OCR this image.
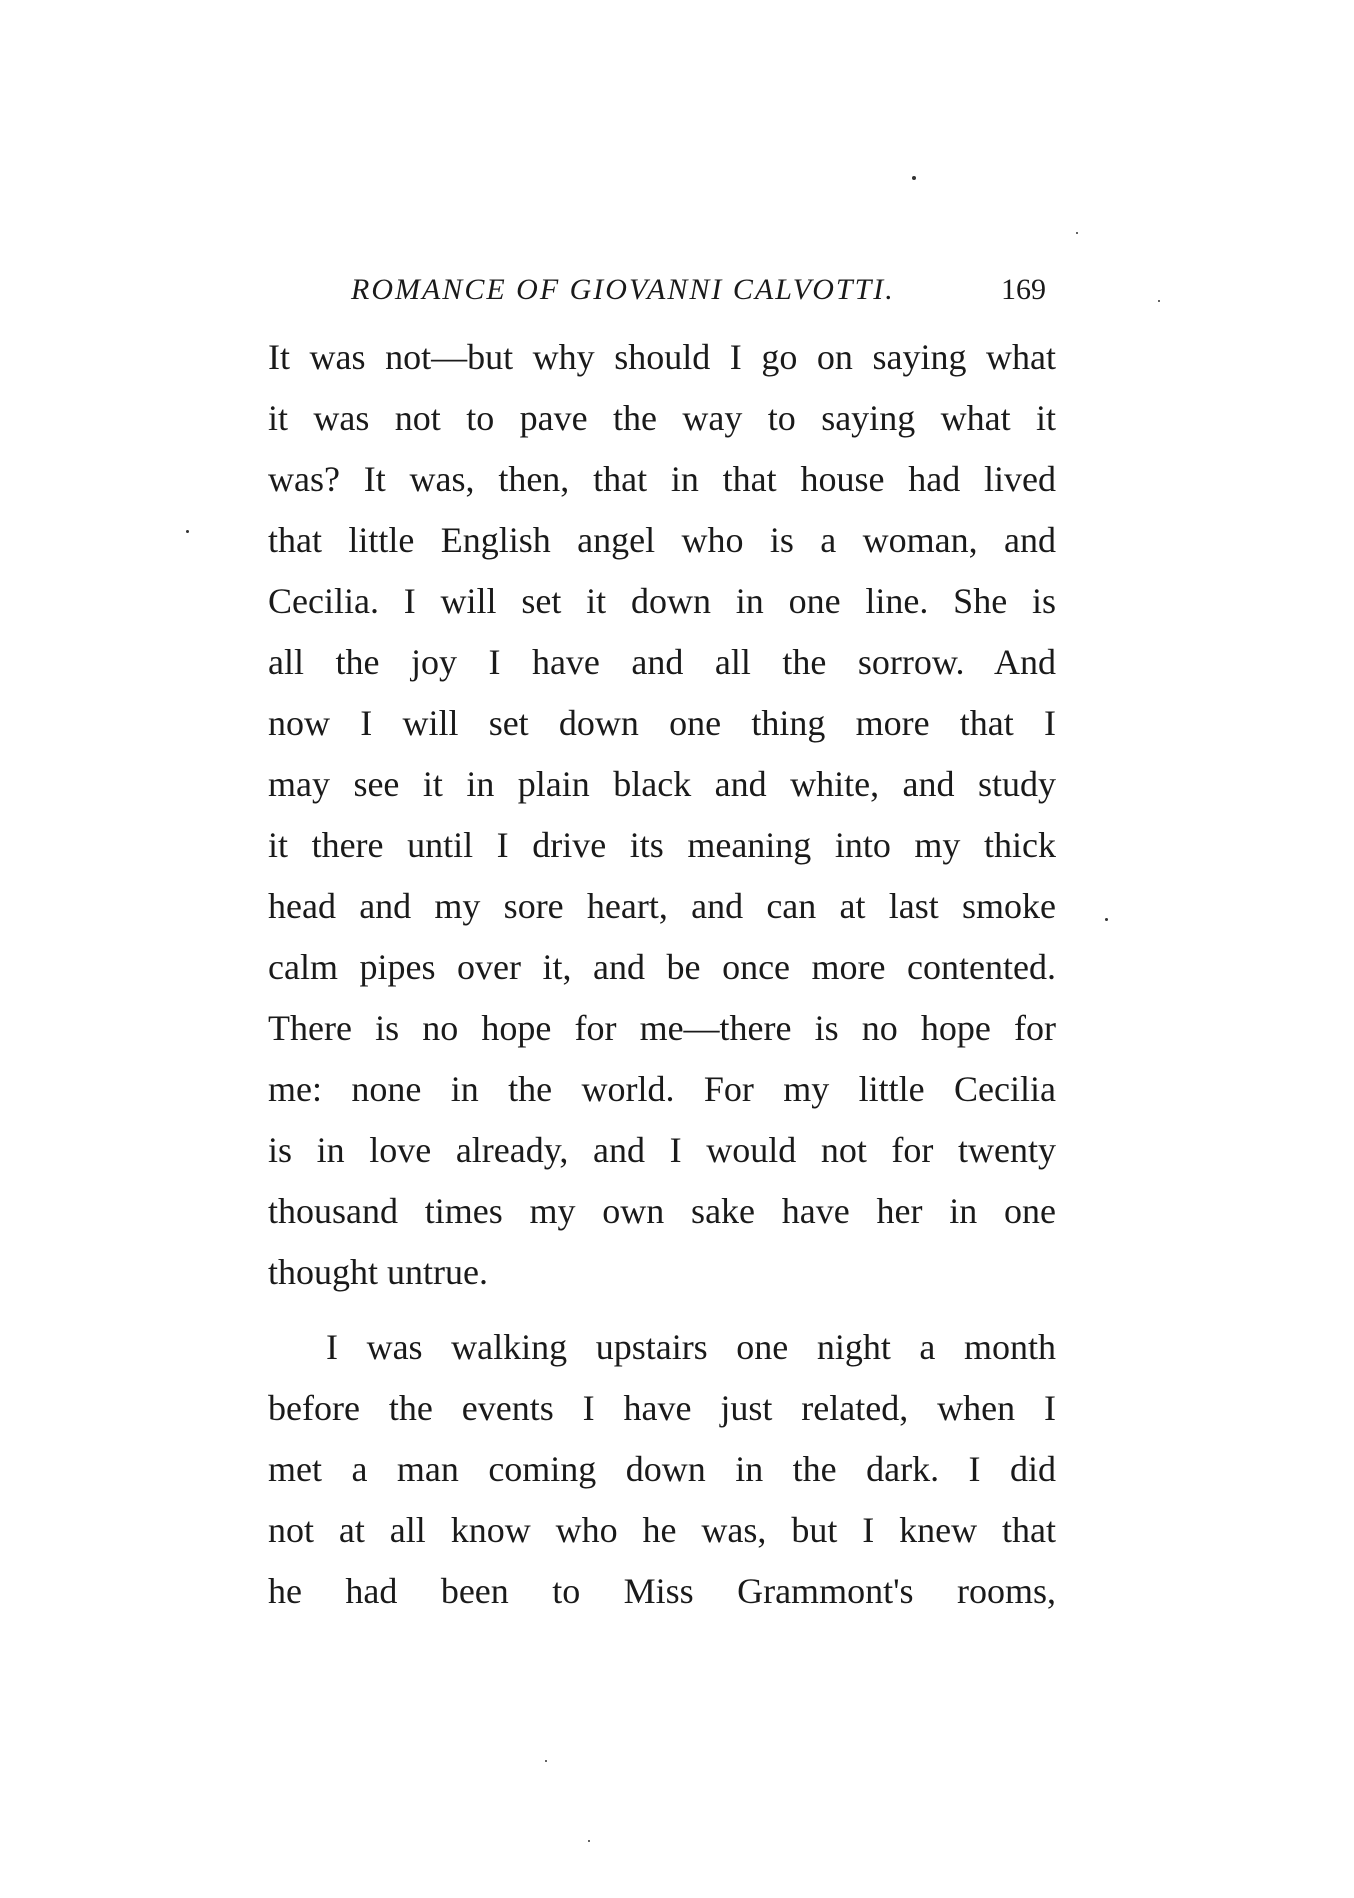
ROMANCE OF GIOVANNI CALVOTTI.	169
It was not—but why should I go on saying what
it was not to pave the way to saying what it
was? It was, then, that in that house had lived
that little English angel who is a woman, and
Cecilia. I will set it down in one line. She is
all the joy I have and all the sorrow. And
now I will set down one thing more that I
may see it in plain black and white, and study
it there until I drive its meaning into my thick
head and my sore heart, and can at last smoke
calm pipes over it, and be once more contented.
There is no hope for me—there is no hope for
me: none in the world. For my little Cecilia
is in love already, and I would not for twenty
thousand times my own sake have her in one
thought untrue.
I was walking upstairs one night a month
before the events I have just related, when I
met a man coming down in the dark. I did
not at all know who he was, but I knew that
he had been to Miss Grammont's rooms,
